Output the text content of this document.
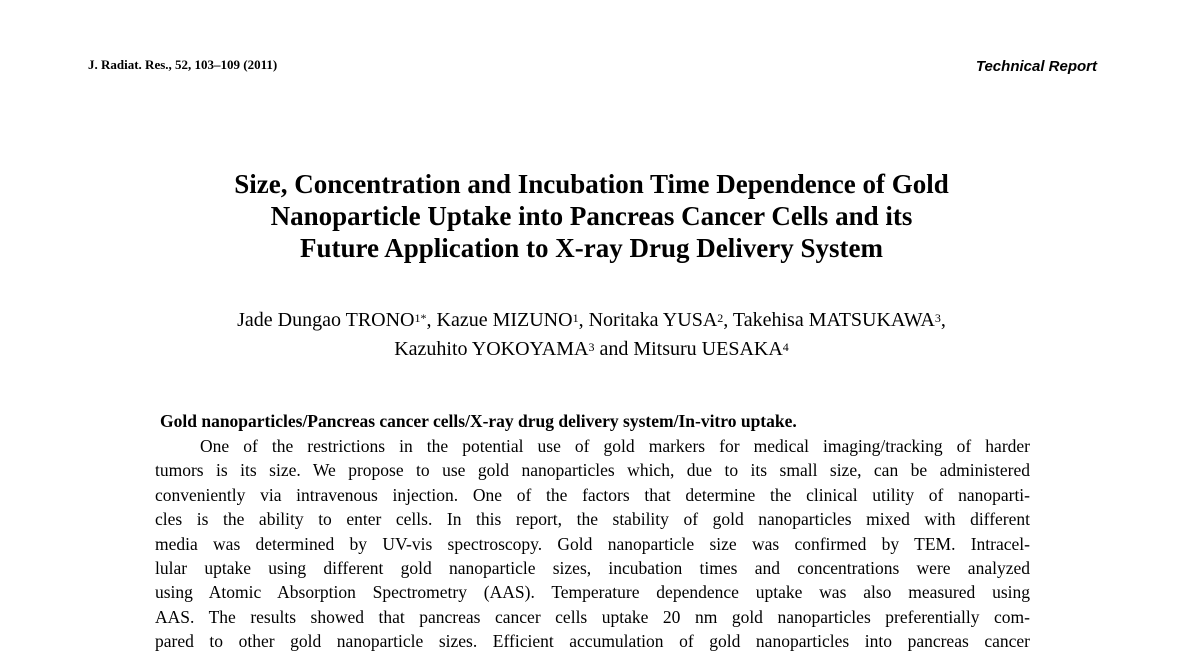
J. Radiat. Res., 52, 103–109 (2011)	Technical Report
Size, Concentration and Incubation Time Dependence of Gold
Nanoparticle Uptake into Pancreas Cancer Cells and its
Future Application to X-ray Drug Delivery System
Jade Dungao $TRONO^{1*}$, Kazue MIZUNO$^1$, Noritaka YUSA$^2$, Takehisa MATSUKAWA$^3$,
Kazuhito YOKOYAMA$^3$ and Mitsuru UESAKA$^4$
Gold nanoparticles/Pancreas cancer cells/X-ray drug delivery system/In-vitro uptake.
One of the restrictions in the potential use of gold markers for medical imaging/tracking of harder
tumors is its size. We propose to use gold nanoparticles which, due to its small size, can be administered
conveniently via intravenous injection. One of the factors that determine the clinical utility of nanoparti-
cles is the ability to enter cells. In this report, the stability of gold nanoparticles mixed with different
media was determined by UV-vis spectroscopy. Gold nanoparticle size was confirmed by TEM. Intracel-
lular uptake using different gold nanoparticle sizes, incubation times and concentrations were analyzed
using Atomic Absorption Spectrometry (AAS). Temperature dependence uptake was also measured using
AAS. The results showed that pancreas cancer cells uptake 20 nm gold nanoparticles preferentially com-
pared to other gold nanoparticle sizes. Efficient accumulation of gold nanoparticles into pancreas cancer
